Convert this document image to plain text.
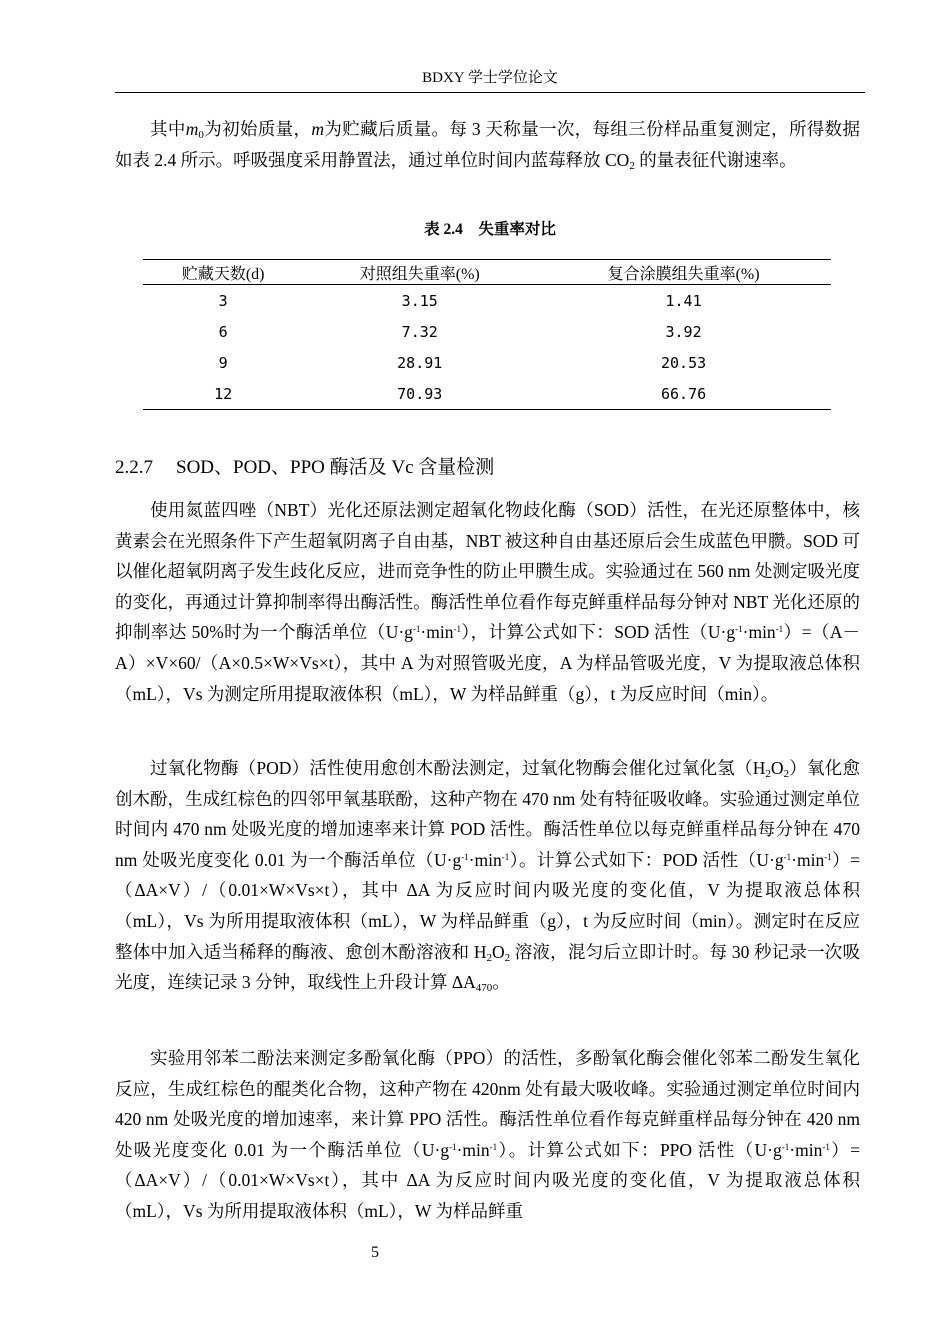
BDXY 学士学位论文

其中$m_0$为初始质量，m为贮藏后质量。每 3 天称量一次，每组三份样品重复测定，所得数据如表 2.4 所示。呼吸强度采用静置法，通过单位时间内蓝莓释放 $CO_2$ 的量表征代谢速率。

表 2.4　失重率对比
贮藏天数(d)	对照组失重率(%)	复合涂膜组失重率(%)
3	3.15	1.41
6	7.32	3.92
9	28.91	20.53
12	70.93	66.76
2.2.7 SOD、POD、PPO 酶活及 Vc 含量检测

使用氮蓝四唑（NBT）光化还原法测定超氧化物歧化酶（SOD）活性，在光还原整体中，核黄素会在光照条件下产生超氧阴离子自由基，NBT 被这种自由基还原后会生成蓝色甲臜。SOD 可以催化超氧阴离子发生歧化反应，进而竞争性的防止甲臜生成。实验通过在 560 nm 处测定吸光度的变化，再通过计算抑制率得出酶活性。酶活性单位看作每克鲜重样品每分钟对 NBT 光化还原的抑制率达 50%时为一个酶活单位$(U\cdot g^{-1}\cdot\min^{-1})$，计算公式如下：SOD 活性$(U\cdot g^{-1}\cdot\min^{-1})=(A-A)\times V\times 60/(A\times 0.5\times W\times Vs\times t)$，其中 A 为对照管吸光度，A 为样品管吸光度，V 为提取液总体积（mL），Vs 为测定所用提取液体积（mL），W 为样品鲜重（g），t 为反应时间（min）。

过氧化物酶（POD）活性使用愈创木酚法测定，过氧化物酶会催化过氧化氢$(H_2O_2)$氧化愈创木酚，生成红棕色的四邻甲氧基联酚，这种产物在 470 nm 处有特征吸收峰。实验通过测定单位时间内 470 nm 处吸光度的增加速率来计算 POD 活性。酶活性单位以每克鲜重样品每分钟在 470 nm 处吸光度变化 0.01 为一个酶活单位$(U\cdot g^{-1}\cdot\min^{-1})$。计算公式如下：POD 活性$(U\cdot g^{-1}\cdot\min^{-1})=(\Delta A\times V)/(0.01\times W\times Vs\times t)$，其中 ΔA 为反应时间内吸光度的变化值，V 为提取液总体积（mL），Vs 为所用提取液体积（mL），W 为样品鲜重（g），t 为反应时间（min）。测定时在反应整体中加入适当稀释的酶液、愈创木酚溶液和 $H_2O_2$ 溶液，混匀后立即计时。每 30 秒记录一次吸光度，连续记录 3 分钟，取线性上升段计算 $\Delta A_{470}$。

实验用邻苯二酚法来测定多酚氧化酶（PPO）的活性，多酚氧化酶会催化邻苯二酚发生氧化反应，生成红棕色的醌类化合物，这种产物在 420nm 处有最大吸收峰。实验通过测定单位时间内 420 nm 处吸光度的增加速率，来计算 PPO 活性。酶活性单位看作每克鲜重样品每分钟在 420 nm 处吸光度变化 0.01 为一个酶活单位$(U\cdot g^{-1}\cdot\min^{-1})$。计算公式如下：PPO 活性$(U\cdot g^{-1}\cdot\min^{-1})=(\Delta A\times V)/(0.01\times W\times Vs\times t)$，其中 ΔA 为反应时间内吸光度的变化值，V 为提取液总体积（mL），Vs 为所用提取液体积（mL），W 为样品鲜重

5
